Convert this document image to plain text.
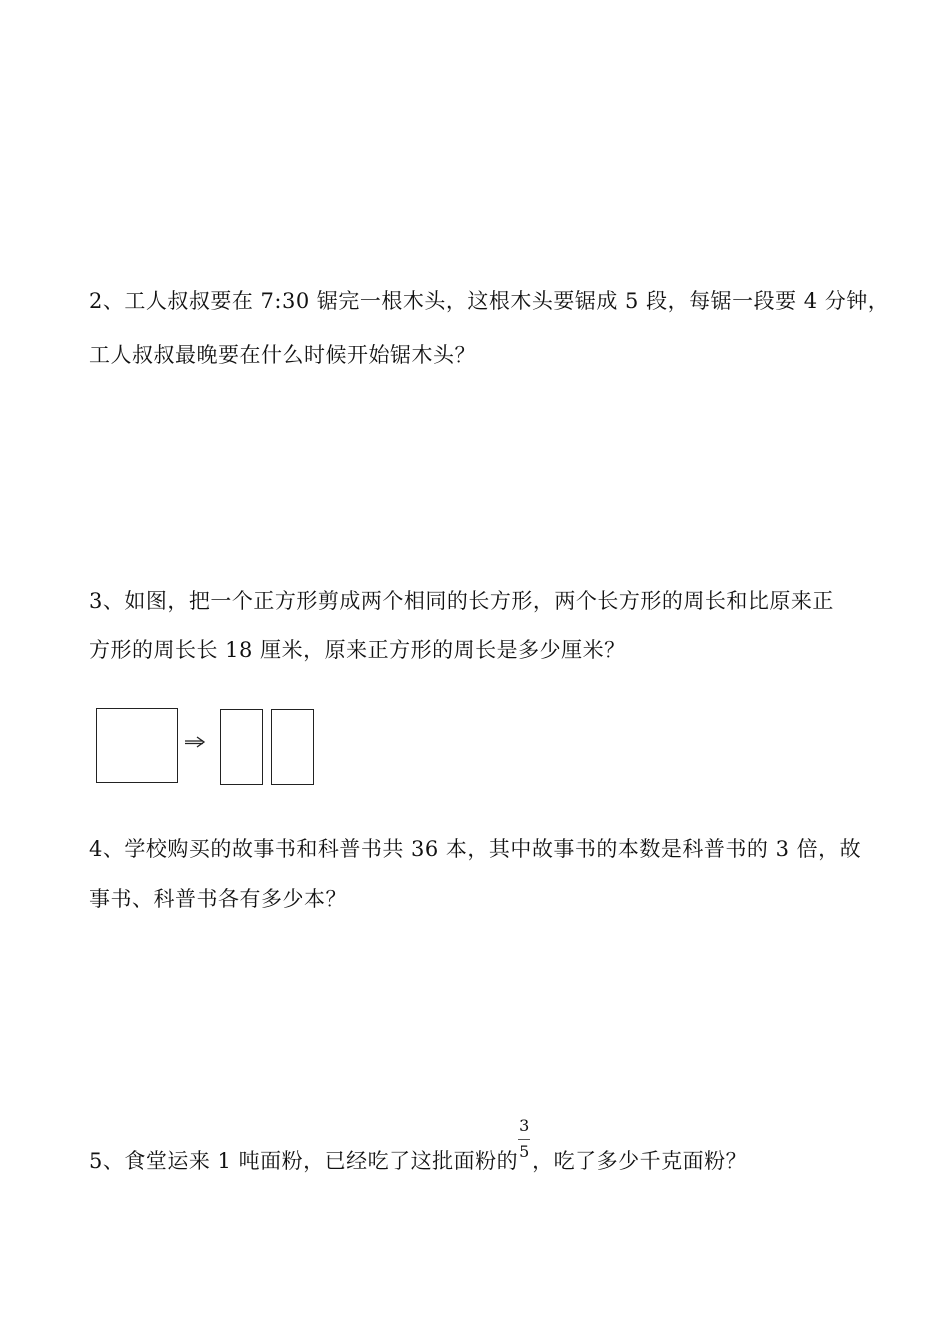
2、工人叔叔要在 7:30 锯完一根木头，这根木头要锯成 5 段，每锯一段要 4 分钟，
工人叔叔最晚要在什么时候开始锯木头？
3、如图，把一个正方形剪成两个相同的长方形，两个长方形的周长和比原来正
方形的周长长 18 厘米，原来正方形的周长是多少厘米？
4、学校购买的故事书和科普书共 36 本，其中故事书的本数是科普书的 3 倍，故
事书、科普书各有多少本？
5、食堂运来 1 吨面粉，已经吃了这批面粉的 $\frac{3}{5}$ ，吃了多少千克面粉？
